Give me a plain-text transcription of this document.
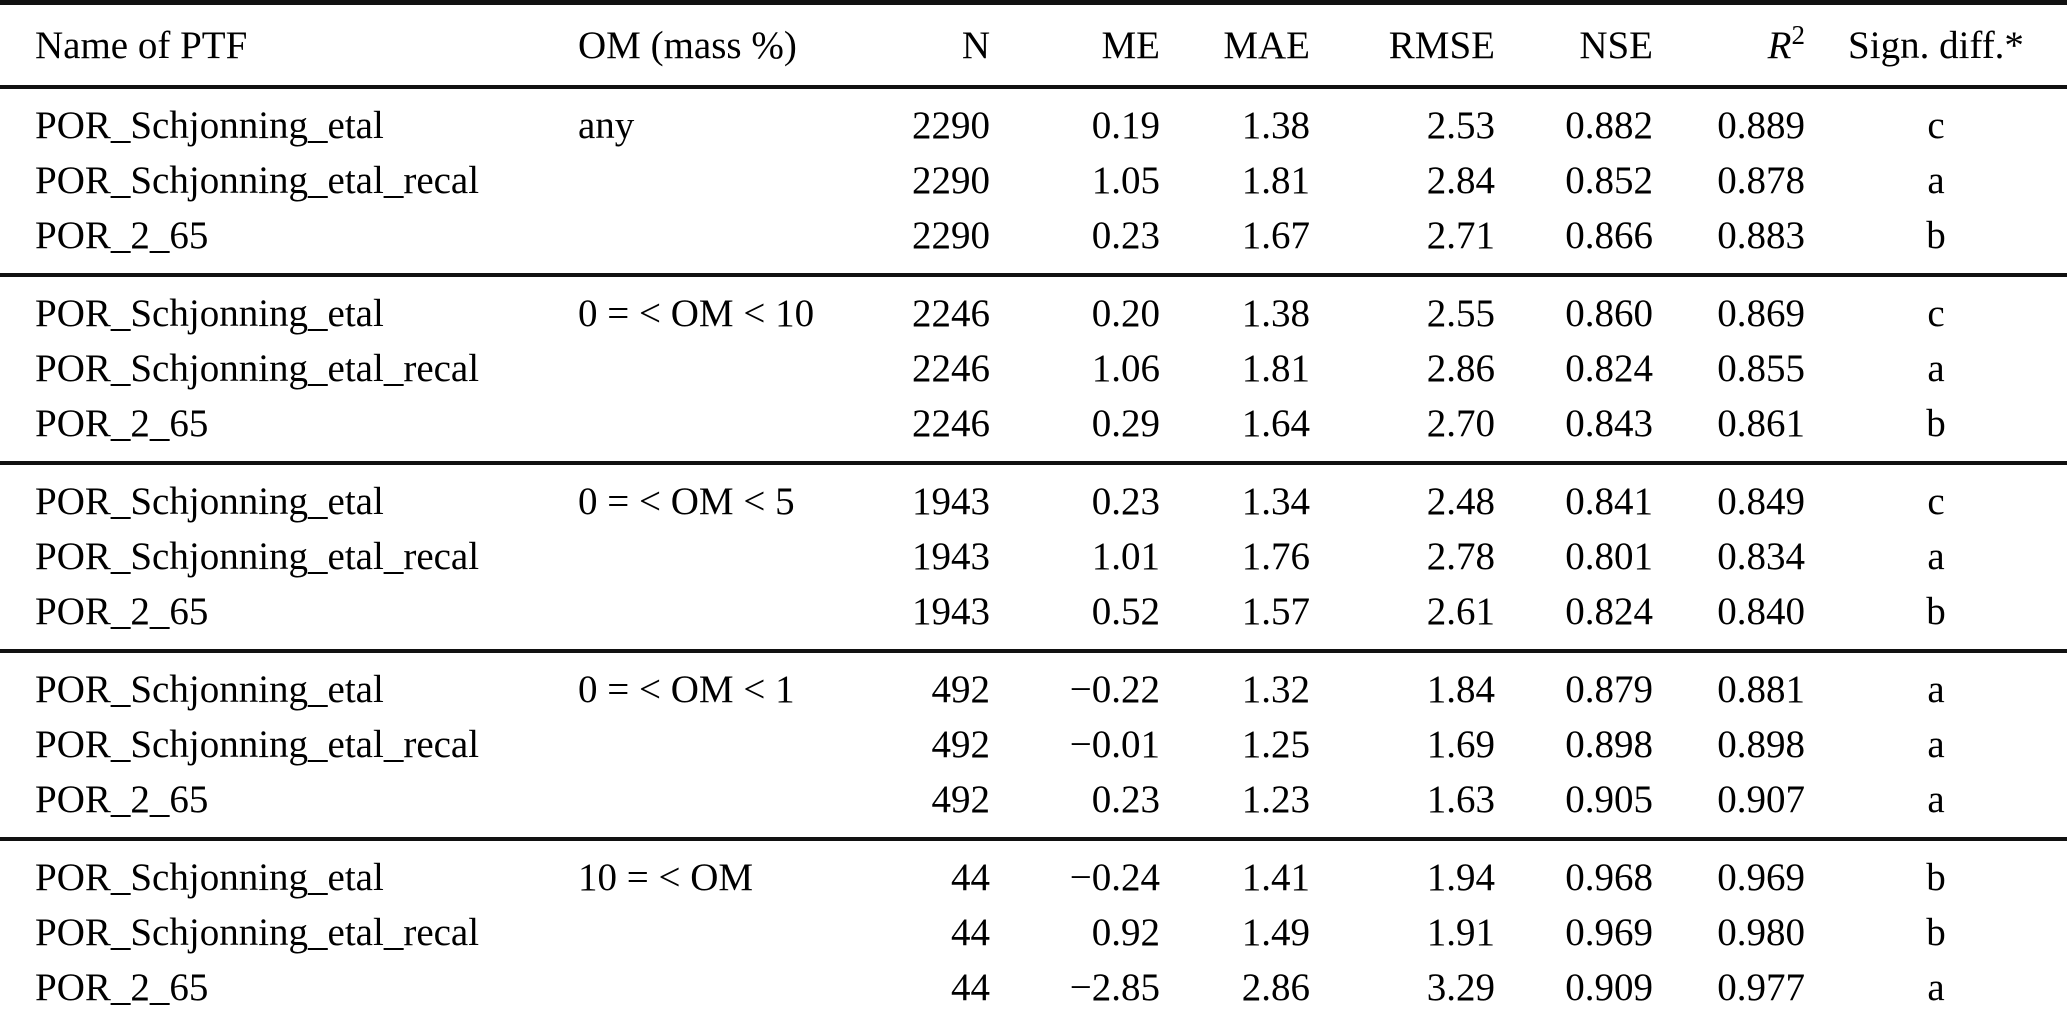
Name of PTF	OM (mass %)	N	ME	MAE	RMSE	NSE	$R^2$	Sign. diff.*
POR_Schjonning_etal	any	2290	0.19	1.38	2.53	0.882	0.889	c
POR_Schjonning_etal_recal		2290	1.05	1.81	2.84	0.852	0.878	a
POR_2_65		2290	0.23	1.67	2.71	0.866	0.883	b
POR_Schjonning_etal	0 = < OM < 10	2246	0.20	1.38	2.55	0.860	0.869	c
POR_Schjonning_etal_recal		2246	1.06	1.81	2.86	0.824	0.855	a
POR_2_65		2246	0.29	1.64	2.70	0.843	0.861	b
POR_Schjonning_etal	0 = < OM < 5	1943	0.23	1.34	2.48	0.841	0.849	c
POR_Schjonning_etal_recal		1943	1.01	1.76	2.78	0.801	0.834	a
POR_2_65		1943	0.52	1.57	2.61	0.824	0.840	b
POR_Schjonning_etal	0 = < OM < 1	492	−0.22	1.32	1.84	0.879	0.881	a
POR_Schjonning_etal_recal		492	−0.01	1.25	1.69	0.898	0.898	a
POR_2_65		492	0.23	1.23	1.63	0.905	0.907	a
POR_Schjonning_etal	10 = < OM	44	−0.24	1.41	1.94	0.968	0.969	b
POR_Schjonning_etal_recal		44	0.92	1.49	1.91	0.969	0.980	b
POR_2_65		44	−2.85	2.86	3.29	0.909	0.977	a
